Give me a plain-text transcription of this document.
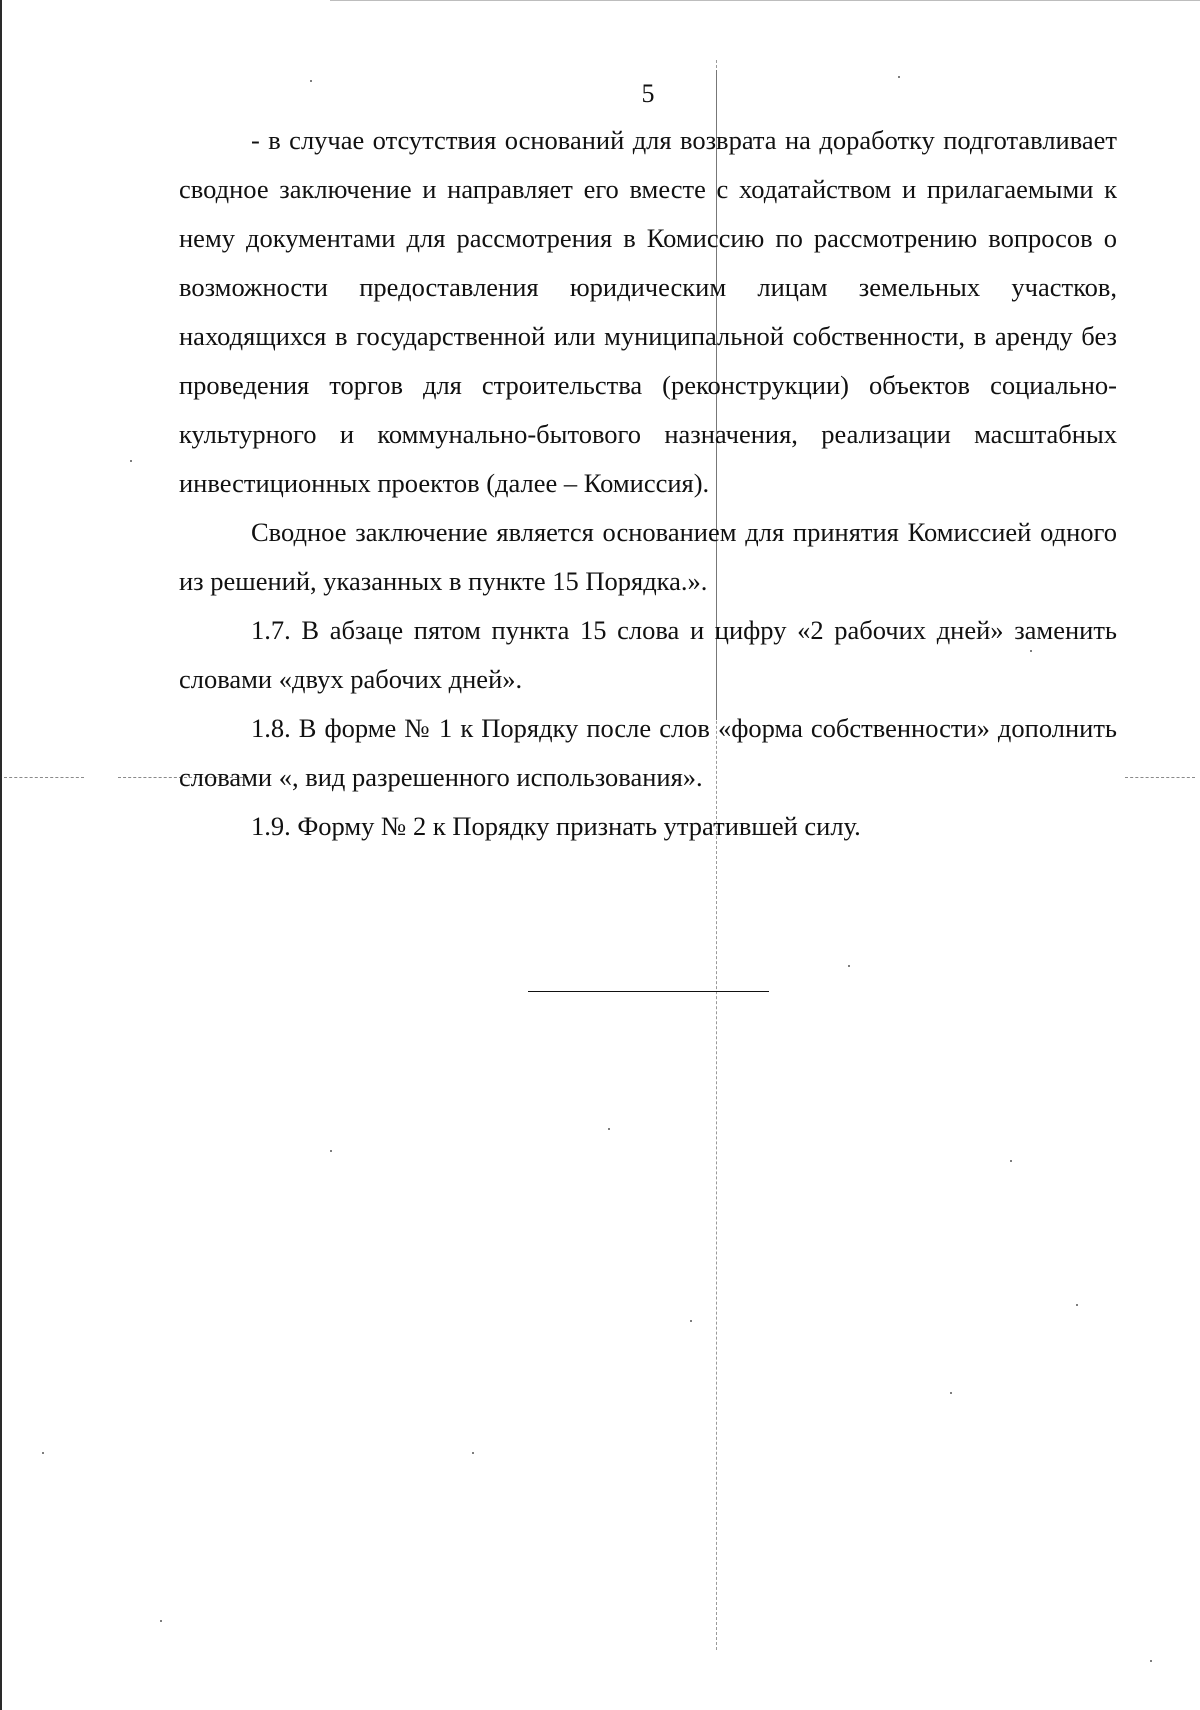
5

- в случае отсутствия оснований для возврата на доработку подготавливает сводное заключение и направляет его вместе с ходатайством и прилагаемыми к нему документами для рассмотрения в Комиссию по рассмотрению вопросов о возможности предоставления юридическим лицам земельных участков, находящихся в государственной или муниципальной собственности, в аренду без проведения торгов для строительства (реконструкции) объектов социально-культурного и коммунально-бытового назначения, реализации масштабных инвестиционных проектов (далее – Комиссия).

Сводное заключение является основанием для принятия Комиссией одного из решений, указанных в пункте 15 Порядка.».

1.7. В абзаце пятом пункта 15 слова и цифру «2 рабочих дней» заменить словами «двух рабочих дней».

1.8. В форме № 1 к Порядку после слов «форма собственности» дополнить словами «, вид разрешенного использования».

1.9. Форму № 2 к Порядку признать утратившей силу.
